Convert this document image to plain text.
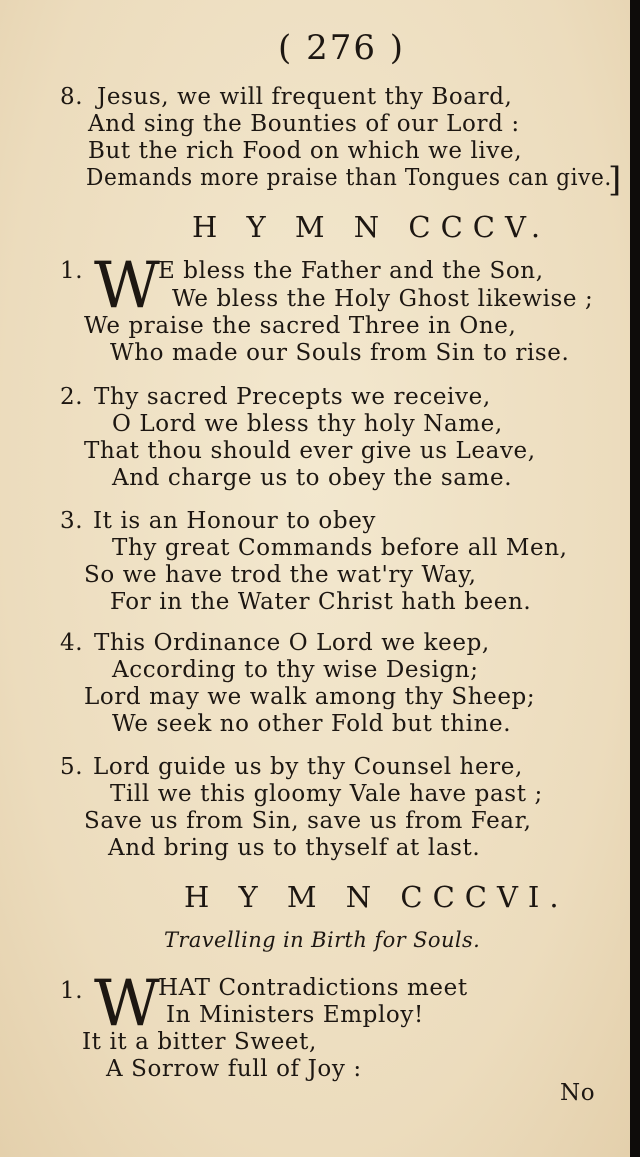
( 276 )
8. Jesus, we will frequent thy Board,
And sing the Bounties of our Lord :
But the rich Food on which we live,
Demands more praise than Tongues can give.
]
H Y M N CCCV.
1. W
E bless the Father and the Son,
We bless the Holy Ghost likewise ;
We praise the sacred Three in One,
Who made our Souls from Sin to rise.
2. Thy sacred Precepts we receive,
O Lord we bless thy holy Name,
That thou should ever give us Leave,
And charge us to obey the same.
3. It is an Honour to obey
Thy great Commands before all Men,
So we have trod the wat'ry Way,
For in the Water Christ hath been.
4. This Ordinance O Lord we keep,
According to thy wise Design;
Lord may we walk among thy Sheep;
We seek no other Fold but thine.
5. Lord guide us by thy Counsel here,
Till we this gloomy Vale have past ;
Save us from Sin, save us from Fear,
And bring us to thyself at last.
H Y M N CCCVI.
Travelling in Birth for Souls.
1. W
HAT Contradictions meet
In Ministers Employ!
It it a bitter Sweet,
A Sorrow full of Joy :
No
